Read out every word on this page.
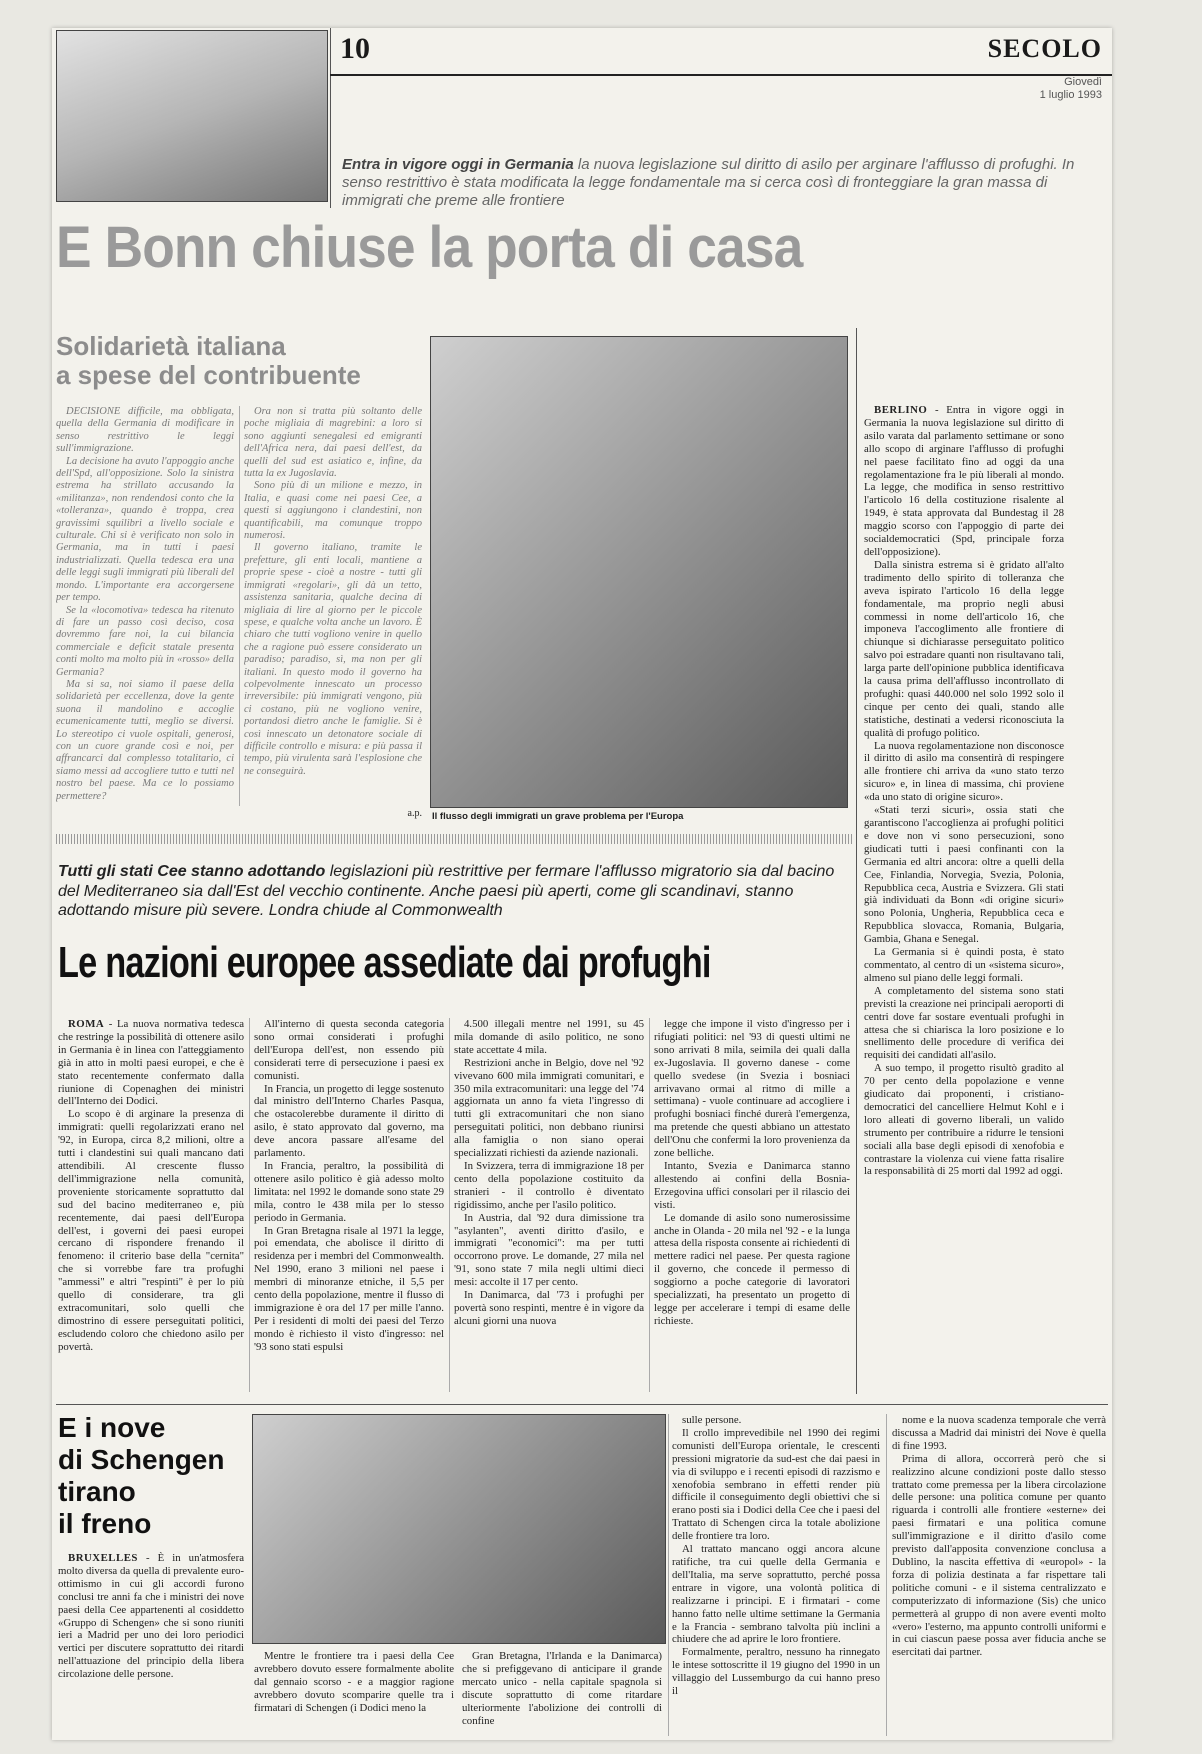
10	SECOLO
Giovedì
1 luglio 1993
Entra in vigore oggi in Germania la nuova legislazione sul diritto di asilo per arginare l'afflusso di profughi. In senso restrittivo è stata modificata la legge fondamentale ma si cerca così di fronteggiare la gran massa di immigrati che preme alle frontiere
E Bonn chiuse la porta di casa
Solidarietà italiana
a spese del contribuente

DECISIONE difficile, ma obbligata, quella della Germania di modificare in senso restrittivo le leggi sull'immigrazione.

La decisione ha avuto l'appoggio anche dell'Spd, all'opposizione. Solo la sinistra estrema ha strillato accusando la «militanza», non rendendosi conto che la «tolleranza», quando è troppa, crea gravissimi squilibri a livello sociale e culturale. Chi si è verificato non solo in Germania, ma in tutti i paesi industrializzati. Quella tedesca era una delle leggi sugli immigrati più liberali del mondo. L'importante era accorgersene per tempo.

Se la «locomotiva» tedesca ha ritenuto di fare un passo così deciso, cosa dovremmo fare noi, la cui bilancia commerciale e deficit statale presenta conti molto ma molto più in «rosso» della Germania?

Ma si sa, noi siamo il paese della solidarietà per eccellenza, dove la gente suona il mandolino e accoglie ecumenicamente tutti, meglio se diversi. Lo stereotipo ci vuole ospitali, generosi, con un cuore grande così e noi, per affrancarci dal complesso totalitario, ci siamo messi ad accogliere tutto e tutti nel nostro bel paese. Ma ce lo possiamo permettere?

Ora non si tratta più soltanto delle poche migliaia di magrebini: a loro si sono aggiunti senegalesi ed emigranti dell'Africa nera, dai paesi dell'est, da quelli del sud est asiatico e, infine, da tutta la ex Jugoslavia.

Sono più di un milione e mezzo, in Italia, e quasi come nei paesi Cee, a questi si aggiungono i clandestini, non quantificabili, ma comunque troppo numerosi.

Il governo italiano, tramite le prefetture, gli enti locali, mantiene a proprie spese - cioè a nostre - tutti gli immigrati «regolari», gli dà un tetto, assistenza sanitaria, qualche decina di migliaia di lire al giorno per le piccole spese, e qualche volta anche un lavoro. È chiaro che tutti vogliono venire in quello che a ragione può essere considerato un paradiso; paradiso, sì, ma non per gli italiani. In questo modo il governo ha colpevolmente innescato un processo irreversibile: più immigrati vengono, più ci costano, più ne vogliono venire, portandosi dietro anche le famiglie. Si è così innescato un detonatore sociale di difficile controllo e misura: e più passa il tempo, più virulenta sarà l'esplosione che ne conseguirà.

a.p. Il flusso degli immigrati un grave problema per l'Europa

BERLINO - Entra in vigore oggi in Germania la nuova legislazione sul diritto di asilo varata dal parlamento settimane or sono allo scopo di arginare l'afflusso di profughi nel paese facilitato fino ad oggi da una regolamentazione fra le più liberali al mondo. La legge, che modifica in senso restrittivo l'articolo 16 della costituzione risalente al 1949, è stata approvata dal Bundestag il 28 maggio scorso con l'appoggio di parte dei socialdemocratici (Spd, principale forza dell'opposizione).

Dalla sinistra estrema si è gridato all'alto tradimento dello spirito di tolleranza che aveva ispirato l'articolo 16 della legge fondamentale, ma proprio negli abusi commessi in nome dell'articolo 16, che imponeva l'accoglimento alle frontiere di chiunque si dichiarasse perseguitato politico salvo poi estradare quanti non risultavano tali, larga parte dell'opinione pubblica identificava la causa prima dell'afflusso incontrollato di profughi: quasi 440.000 nel solo 1992 solo il cinque per cento dei quali, stando alle statistiche, destinati a vedersi riconosciuta la qualità di profugo politico.

La nuova regolamentazione non disconosce il diritto di asilo ma consentirà di respingere alle frontiere chi arriva da «uno stato terzo sicuro» e, in linea di massima, chi proviene «da uno stato di origine sicuro».

«Stati terzi sicuri», ossia stati che garantiscono l'accoglienza ai profughi politici e dove non vi sono persecuzioni, sono giudicati tutti i paesi confinanti con la Germania ed altri ancora: oltre a quelli della Cee, Finlandia, Norvegia, Svezia, Polonia, Repubblica ceca, Austria e Svizzera. Gli stati già individuati da Bonn «di origine sicuri» sono Polonia, Ungheria, Repubblica ceca e Repubblica slovacca, Romania, Bulgaria, Gambia, Ghana e Senegal.

La Germania si è quindi posta, è stato commentato, al centro di un «sistema sicuro», almeno sul piano delle leggi formali.

A completamento del sistema sono stati previsti la creazione nei principali aeroporti di centri dove far sostare eventuali profughi in attesa che si chiarisca la loro posizione e lo snellimento delle procedure di verifica dei requisiti dei candidati all'asilo.

A suo tempo, il progetto risultò gradito al 70 per cento della popolazione e venne giudicato dai proponenti, i cristiano-democratici del cancelliere Helmut Kohl e i loro alleati di governo liberali, un valido strumento per contribuire a ridurre le tensioni sociali alla base degli episodi di xenofobia e contrastare la violenza cui viene fatta risalire la responsabilità di 25 morti dal 1992 ad oggi.

Tutti gli stati Cee stanno adottando legislazioni più restrittive per fermare l'afflusso migratorio sia dal bacino del Mediterraneo sia dall'Est del vecchio continente. Anche paesi più aperti, come gli scandinavi, stanno adottando misure più severe. Londra chiude al Commonwealth
Le nazioni europee assediate dai profughi

ROMA - La nuova normativa tedesca che restringe la possibilità di ottenere asilo in Germania è in linea con l'atteggiamento già in atto in molti paesi europei, e che è stato recentemente confermato dalla riunione di Copenaghen dei ministri dell'Interno dei Dodici.

Lo scopo è di arginare la presenza di immigrati: quelli regolarizzati erano nel '92, in Europa, circa 8,2 milioni, oltre a tutti i clandestini sui quali mancano dati attendibili. Al crescente flusso dell'immigrazione nella comunità, proveniente storicamente soprattutto dal sud del bacino mediterraneo e, più recentemente, dai paesi dell'Europa dell'est, i governi dei paesi europei cercano di rispondere frenando il fenomeno: il criterio base della "cernita" che si vorrebbe fare tra profughi "ammessi" e altri "respinti" è per lo più quello di considerare, tra gli extracomunitari, solo quelli che dimostrino di essere perseguitati politici, escludendo coloro che chiedono asilo per povertà.

All'interno di questa seconda categoria sono ormai considerati i profughi dell'Europa dell'est, non essendo più considerati terre di persecuzione i paesi ex comunisti.

In Francia, un progetto di legge sostenuto dal ministro dell'Interno Charles Pasqua, che ostacolerebbe duramente il diritto di asilo, è stato approvato dal governo, ma deve ancora passare all'esame del parlamento.

In Francia, peraltro, la possibilità di ottenere asilo politico è già adesso molto limitata: nel 1992 le domande sono state 29 mila, contro le 438 mila per lo stesso periodo in Germania.

In Gran Bretagna risale al 1971 la legge, poi emendata, che abolisce il diritto di residenza per i membri del Commonwealth. Nel 1990, erano 3 milioni nel paese i membri di minoranze etniche, il 5,5 per cento della popolazione, mentre il flusso di immigrazione è ora del 17 per mille l'anno. Per i residenti di molti dei paesi del Terzo mondo è richiesto il visto d'ingresso: nel '93 sono stati espulsi

4.500 illegali mentre nel 1991, su 45 mila domande di asilo politico, ne sono state accettate 4 mila.

Restrizioni anche in Belgio, dove nel '92 vivevano 600 mila immigrati comunitari, e 350 mila extracomunitari: una legge del '74 aggiornata un anno fa vieta l'ingresso di tutti gli extracomunitari che non siano perseguitati politici, non debbano riunirsi alla famiglia o non siano operai specializzati richiesti da aziende nazionali.

In Svizzera, terra di immigrazione 18 per cento della popolazione costituito da stranieri - il controllo è diventato rigidissimo, anche per l'asilo politico.

In Austria, dal '92 dura dimissione tra "asylanten", aventi diritto d'asilo, e immigrati "economici": ma per tutti occorrono prove. Le domande, 27 mila nel '91, sono state 7 mila negli ultimi dieci mesi: accolte il 17 per cento.

In Danimarca, dal '73 i profughi per povertà sono respinti, mentre è in vigore da alcuni giorni una nuova

legge che impone il visto d'ingresso per i rifugiati politici: nel '93 di questi ultimi ne sono arrivati 8 mila, seimila dei quali dalla ex-Jugoslavia. Il governo danese - come quello svedese (in Svezia i bosniaci arrivavano ormai al ritmo di mille a settimana) - vuole continuare ad accogliere i profughi bosniaci finché durerà l'emergenza, ma pretende che questi abbiano un attestato dell'Onu che confermi la loro provenienza da zone belliche.

Intanto, Svezia e Danimarca stanno allestendo ai confini della Bosnia-Erzegovina uffici consolari per il rilascio dei visti.

Le domande di asilo sono numerosissime anche in Olanda - 20 mila nel '92 - e la lunga attesa della risposta consente ai richiedenti di mettere radici nel paese. Per questa ragione il governo, che concede il permesso di soggiorno a poche categorie di lavoratori specializzati, ha presentato un progetto di legge per accelerare i tempi di esame delle richieste.

E i nove
di Schengen
tirano
il freno

BRUXELLES - È in un'atmosfera molto diversa da quella di prevalente euro-ottimismo in cui gli accordi furono conclusi tre anni fa che i ministri dei nove paesi della Cee appartenenti al cosiddetto «Gruppo di Schengen» che si sono riuniti ieri a Madrid per uno dei loro periodici vertici per discutere soprattutto dei ritardi nell'attuazione del principio della libera circolazione delle persone.

Mentre le frontiere tra i paesi della Cee avrebbero dovuto essere formalmente abolite dal gennaio scorso - e a maggior ragione avrebbero dovuto scomparire quelle tra i firmatari di Schengen (i Dodici meno la

Gran Bretagna, l'Irlanda e la Danimarca) che si prefiggevano di anticipare il grande mercato unico - nella capitale spagnola si discute soprattutto di come ritardare ulteriormente l'abolizione dei controlli di confine

sulle persone.

Il crollo imprevedibile nel 1990 dei regimi comunisti dell'Europa orientale, le crescenti pressioni migratorie da sud-est che dai paesi in via di sviluppo e i recenti episodi di razzismo e xenofobia sembrano in effetti render più difficile il conseguimento degli obiettivi che si erano posti sia i Dodici della Cee che i paesi del Trattato di Schengen circa la totale abolizione delle frontiere tra loro.

Al trattato mancano oggi ancora alcune ratifiche, tra cui quelle della Germania e dell'Italia, ma serve soprattutto, perché possa entrare in vigore, una volontà politica di realizzarne i principi. E i firmatari - come hanno fatto nelle ultime settimane la Germania e la Francia - sembrano talvolta più inclini a chiudere che ad aprire le loro frontiere.

Formalmente, peraltro, nessuno ha rinnegato le intese sottoscritte il 19 giugno del 1990 in un villaggio del Lussemburgo da cui hanno preso il

nome e la nuova scadenza temporale che verrà discussa a Madrid dai ministri dei Nove è quella di fine 1993.

Prima di allora, occorrerà però che si realizzino alcune condizioni poste dallo stesso trattato come premessa per la libera circolazione delle persone: una politica comune per quanto riguarda i controlli alle frontiere «esterne» dei paesi firmatari e una politica comune sull'immigrazione e il diritto d'asilo come previsto dall'apposita convenzione conclusa a Dublino, la nascita effettiva di «europol» - la forza di polizia destinata a far rispettare tali politiche comuni - e il sistema centralizzato e computerizzato di informazione (Sis) che unico permetterà al gruppo di non avere eventi molto «vero» l'esterno, ma appunto controlli uniformi e in cui ciascun paese possa aver fiducia anche se esercitati dai partner.
